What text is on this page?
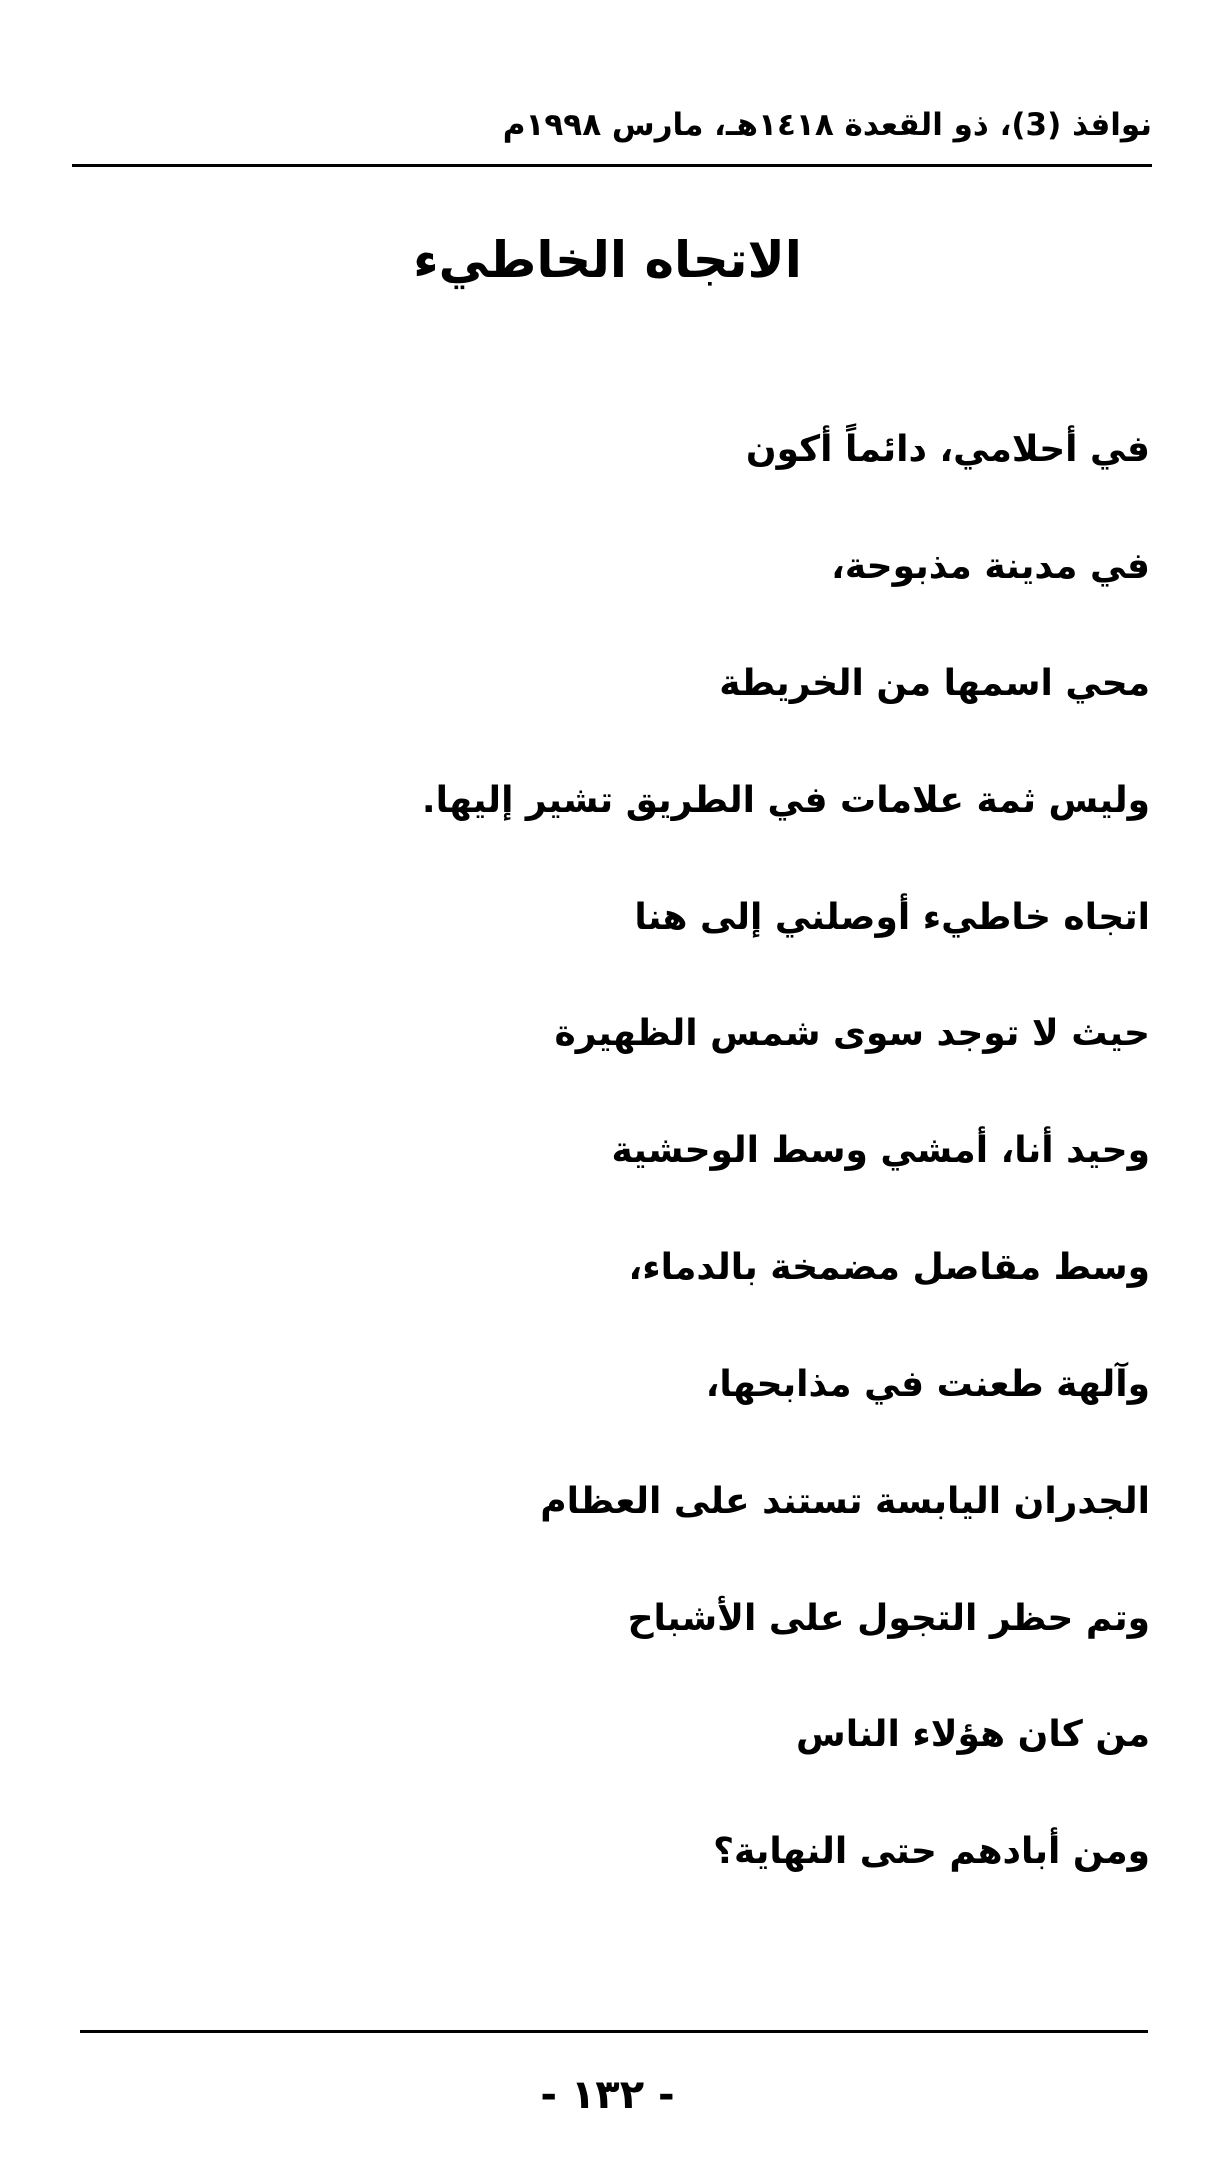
نوافذ (3)، ذو القعدة ١٤١٨هـ، مارس ١٩٩٨م
الاتجاه الخاطيء
في أحلامي، دائماً أكون
في مدينة مذبوحة،
محي اسمها من الخريطة
وليس ثمة علامات في الطريق تشير إليها.
اتجاه خاطيء أوصلني إلى هنا
حيث لا توجد سوى شمس الظهيرة
وحيد أنا، أمشي وسط الوحشية
وسط مقاصل مضمخة بالدماء،
وآلهة طعنت في مذابحها،
الجدران اليابسة تستند على العظام
وتم حظر التجول على الأشباح
من كان هؤلاء الناس
ومن أبادهم حتى النهاية؟
- ١٣٢ -
